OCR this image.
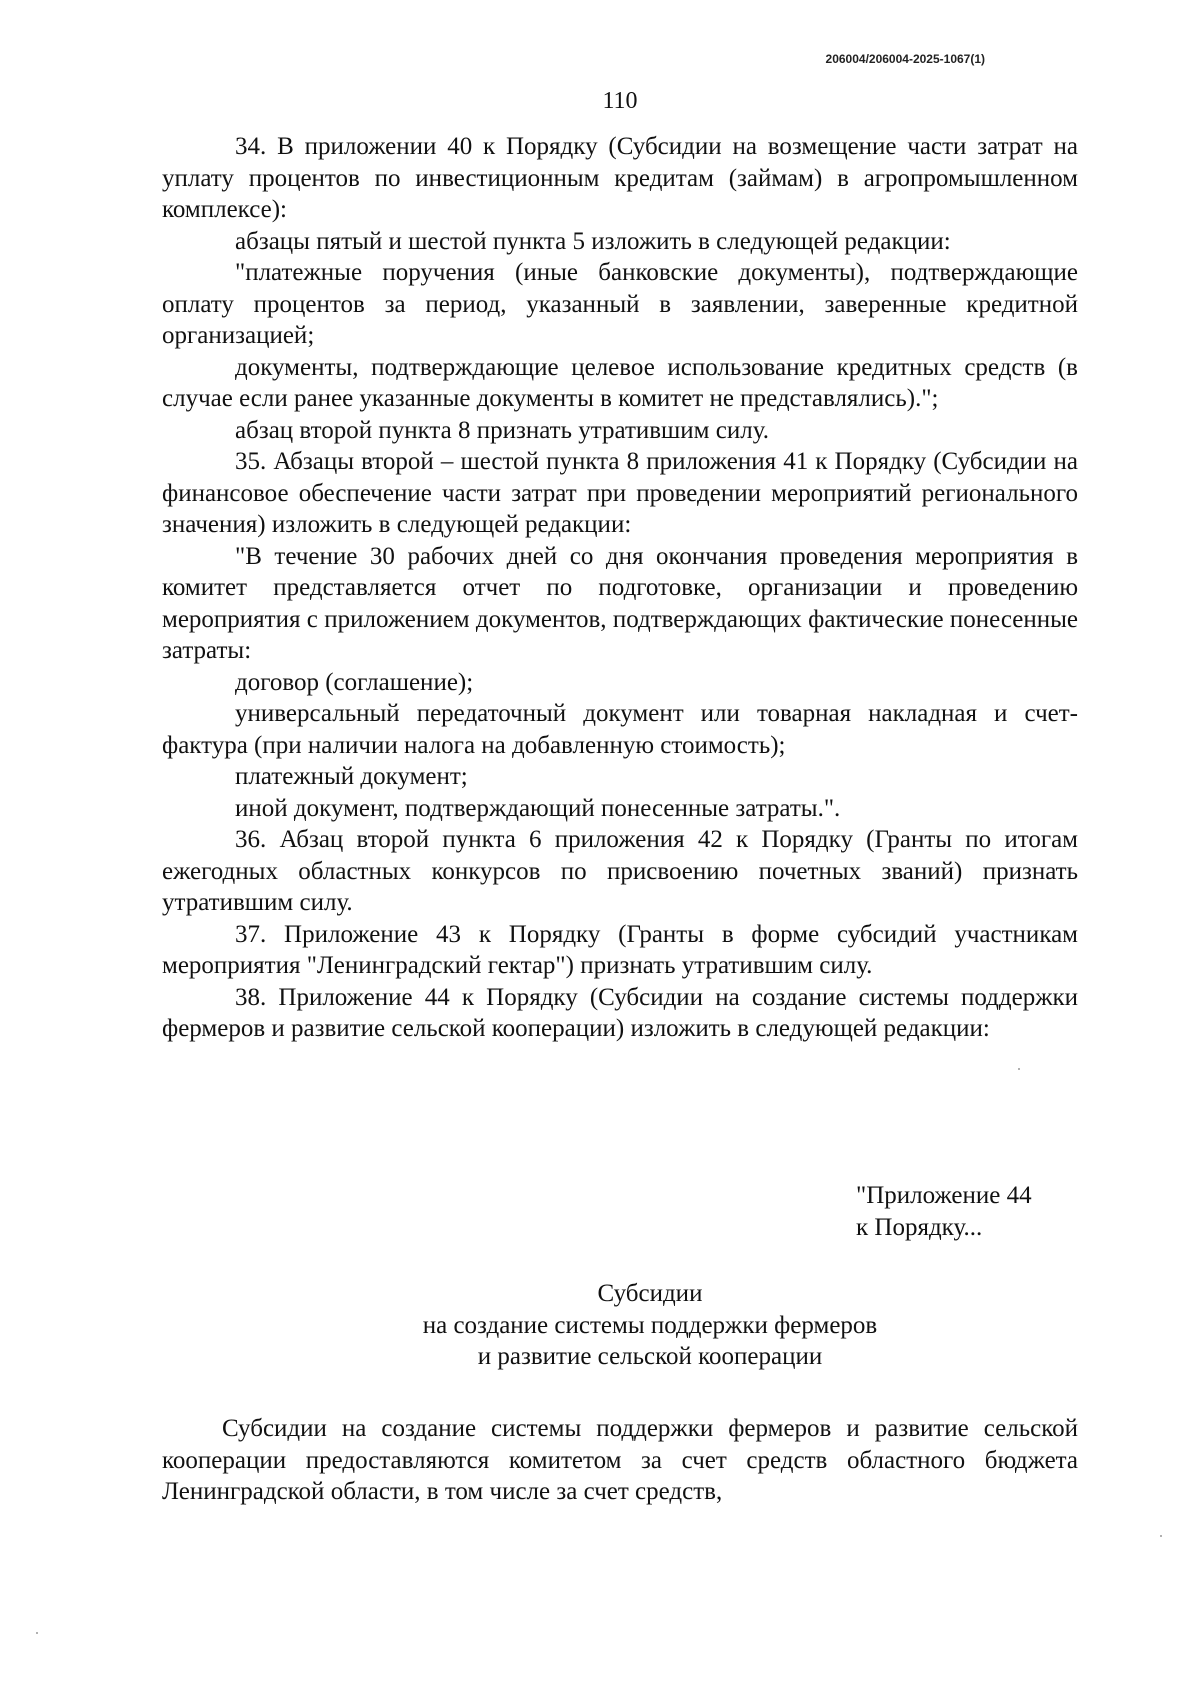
206004/206004-2025-1067(1)
110

34. В приложении 40 к Порядку (Субсидии на возмещение части затрат на уплату процентов по инвестиционным кредитам (займам) в агропромышленном комплексе):

абзацы пятый и шестой пункта 5 изложить в следующей редакции:

"платежные поручения (иные банковские документы), подтверждающие оплату процентов за период, указанный в заявлении, заверенные кредитной организацией;

документы, подтверждающие целевое использование кредитных средств (в случае если ранее указанные документы в комитет не представлялись).";

абзац второй пункта 8 признать утратившим силу.

35. Абзацы второй – шестой пункта 8 приложения 41 к Порядку (Субсидии на финансовое обеспечение части затрат при проведении мероприятий регионального значения) изложить в следующей редакции:

"В течение 30 рабочих дней со дня окончания проведения мероприятия в комитет представляется отчет по подготовке, организации и проведению мероприятия с приложением документов, подтверждающих фактические понесенные затраты:

договор (соглашение);

универсальный передаточный документ или товарная накладная и счет-фактура (при наличии налога на добавленную стоимость);

платежный документ;

иной документ, подтверждающий понесенные затраты.".

36. Абзац второй пункта 6 приложения 42 к Порядку (Гранты по итогам ежегодных областных конкурсов по присвоению почетных званий) признать утратившим силу.

37. Приложение 43 к Порядку (Гранты в форме субсидий участникам мероприятия "Ленинградский гектар") признать утратившим силу.

38. Приложение 44 к Порядку (Субсидии на создание системы поддержки фермеров и развитие сельской кооперации) изложить в следующей редакции:

"Приложение 44
к Порядку...
Субсидии
на создание системы поддержки фермеров
и развитие сельской кооперации

Субсидии на создание системы поддержки фермеров и развитие сельской кооперации предоставляются комитетом за счет средств областного бюджета Ленинградской области, в том числе за счет средств,
